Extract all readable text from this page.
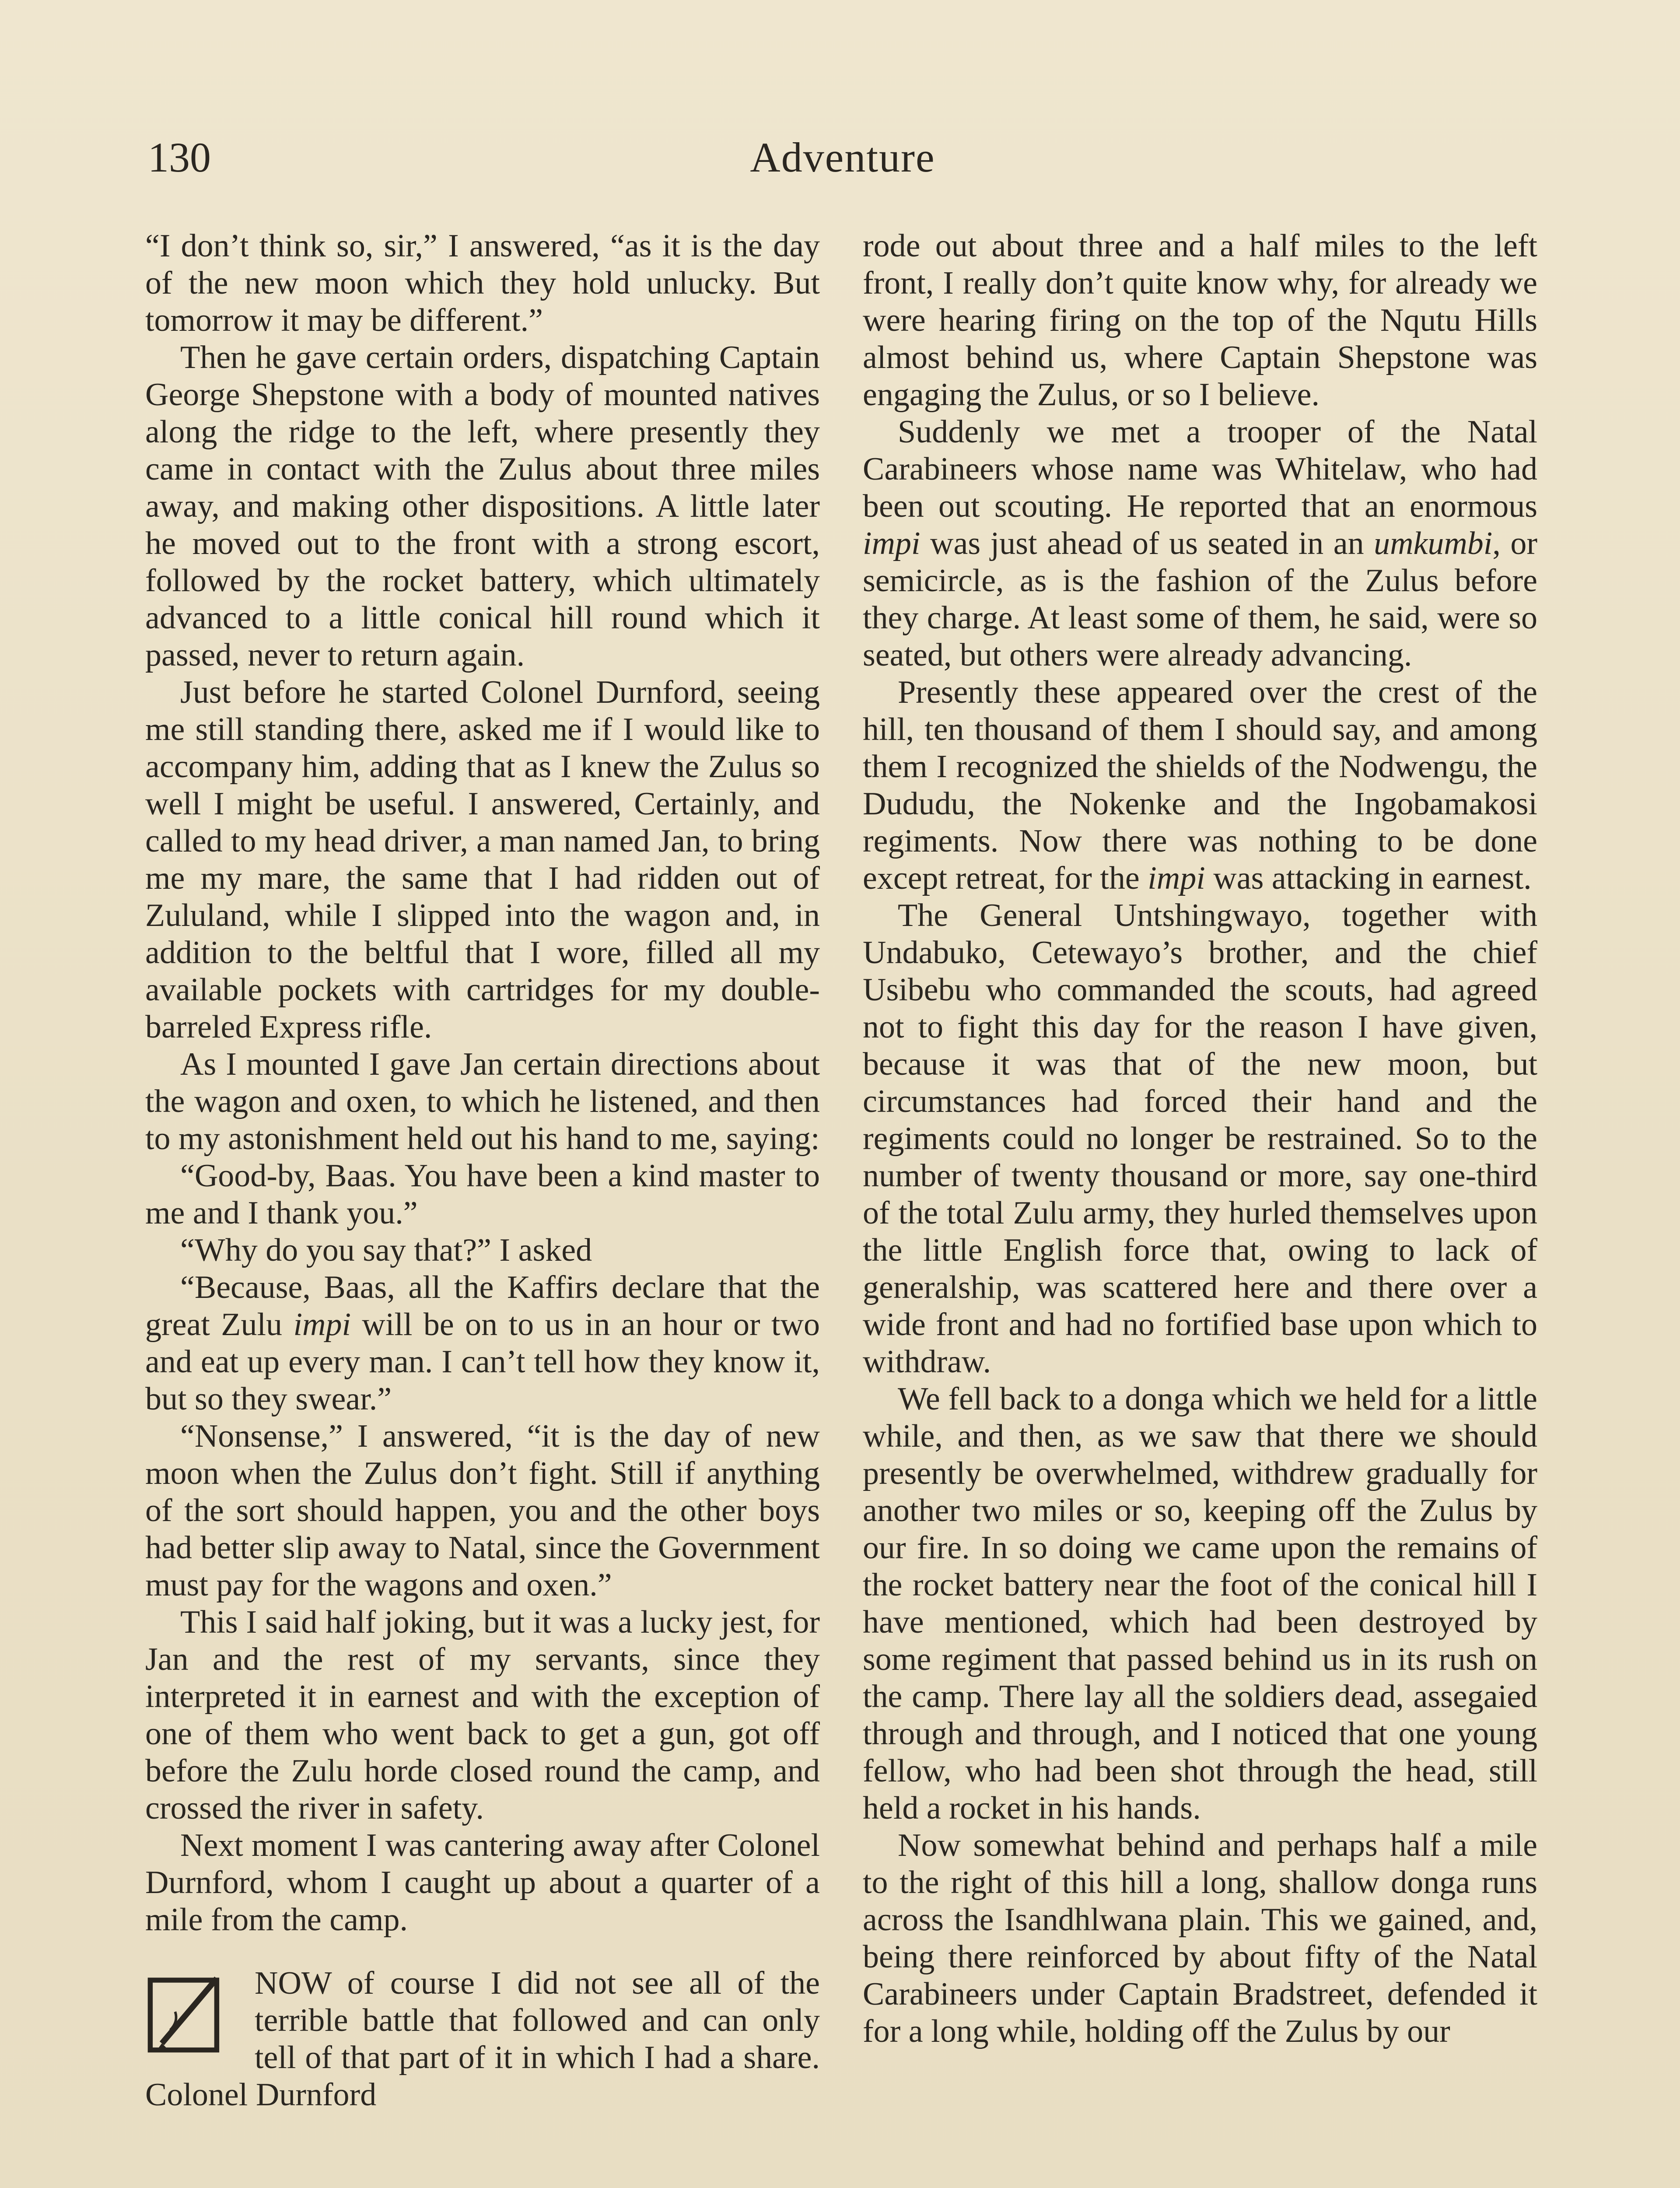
130	Adventure

“I don’t think so, sir,” I answered, “as it is the day of the new moon which they hold unlucky. But tomorrow it may be different.”

Then he gave certain orders, dispatching Captain George Shepstone with a body of mounted natives along the ridge to the left, where presently they came in contact with the Zulus about three miles away, and making other dispositions. A little later he moved out to the front with a strong escort, followed by the rocket battery, which ultimately advanced to a little conical hill round which it passed, never to return again.

Just before he started Colonel Durnford, seeing me still standing there, asked me if I would like to accompany him, adding that as I knew the Zulus so well I might be useful. I answered, Certainly, and called to my head driver, a man named Jan, to bring me my mare, the same that I had ridden out of Zululand, while I slipped into the wagon and, in addition to the beltful that I wore, filled all my available pockets with cartridges for my double-barreled Express rifle.

As I mounted I gave Jan certain directions about the wagon and oxen, to which he listened, and then to my astonishment held out his hand to me, saying:

“Good-by, Baas. You have been a kind master to me and I thank you.”

“Why do you say that?” I asked

“Because, Baas, all the Kaffirs declare that the great Zulu impi will be on to us in an hour or two and eat up every man. I can’t tell how they know it, but so they swear.”

“Nonsense,” I answered, “it is the day of new moon when the Zulus don’t fight. Still if anything of the sort should happen, you and the other boys had better slip away to Natal, since the Government must pay for the wagons and oxen.”

This I said half joking, but it was a lucky jest, for Jan and the rest of my servants, since they interpreted it in earnest and with the exception of one of them who went back to get a gun, got off before the Zulu horde closed round the camp, and crossed the river in safety.

Next moment I was cantering away after Colonel Durnford, whom I caught up about a quarter of a mile from the camp.

NOW of course I did not see all of the terrible battle that followed and can only tell of that part of it in which I had a share. Colonel Durnford

rode out about three and a half miles to the left front, I really don’t quite know why, for already we were hearing firing on the top of the Nqutu Hills almost behind us, where Captain Shepstone was engaging the Zulus, or so I believe.

Suddenly we met a trooper of the Natal Carabineers whose name was Whitelaw, who had been out scouting. He reported that an enormous impi was just ahead of us seated in an umkumbi, or semicircle, as is the fashion of the Zulus before they charge. At least some of them, he said, were so seated, but others were already advancing.

Presently these appeared over the crest of the hill, ten thousand of them I should say, and among them I recognized the shields of the Nodwengu, the Dududu, the Nokenke and the Ingobamakosi regiments. Now there was nothing to be done except retreat, for the impi was attacking in earnest.

The General Untshingwayo, together with Undabuko, Cetewayo’s brother, and the chief Usibebu who commanded the scouts, had agreed not to fight this day for the reason I have given, because it was that of the new moon, but circumstances had forced their hand and the regiments could no longer be restrained. So to the number of twenty thousand or more, say one-third of the total Zulu army, they hurled themselves upon the little English force that, owing to lack of generalship, was scattered here and there over a wide front and had no fortified base upon which to withdraw.

We fell back to a donga which we held for a little while, and then, as we saw that there we should presently be overwhelmed, withdrew gradually for another two miles or so, keeping off the Zulus by our fire. In so doing we came upon the remains of the rocket battery near the foot of the conical hill I have mentioned, which had been destroyed by some regiment that passed behind us in its rush on the camp. There lay all the soldiers dead, assegaied through and through, and I noticed that one young fellow, who had been shot through the head, still held a rocket in his hands.

Now somewhat behind and perhaps half a mile to the right of this hill a long, shallow donga runs across the Isandhlwana plain. This we gained, and, being there reinforced by about fifty of the Natal Carabineers under Captain Bradstreet, defended it for a long while, holding off the Zulus by our
